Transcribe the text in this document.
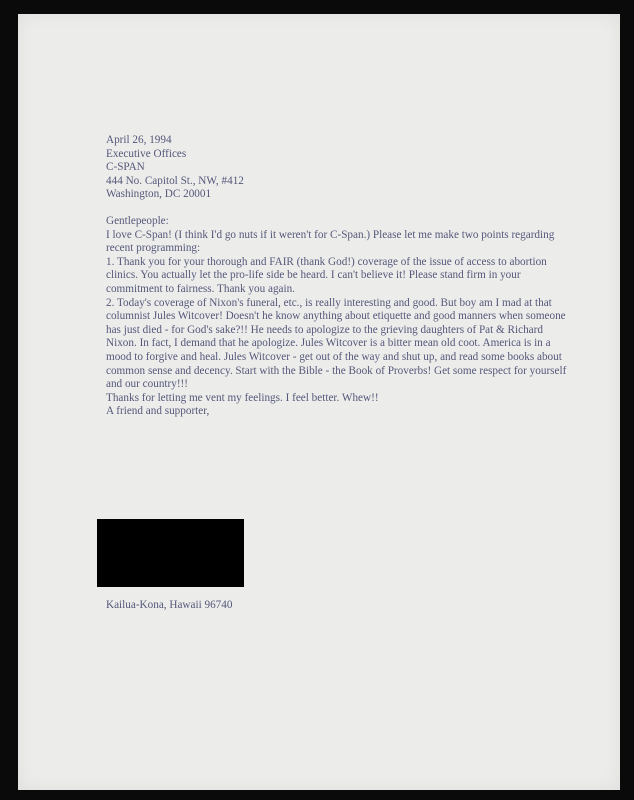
April 26, 1994

Executive Offices
C-SPAN
444 No. Capitol St., NW, #412
Washington, DC 20001

Gentlepeople:

I love C-Span! (I think I'd go nuts if it weren't for C-Span.) Please let me make two points regarding recent programming:

1. Thank you for your thorough and FAIR (thank God!) coverage of the issue of access to abortion clinics. You actually let the pro-life side be heard. I can't believe it! Please stand firm in your commitment to fairness. Thank you again.

2. Today's coverage of Nixon's funeral, etc., is really interesting and good. But boy am I mad at that columnist Jules Witcover! Doesn't he know anything about etiquette and good manners when someone has just died - for God's sake?!! He needs to apologize to the grieving daughters of Pat & Richard Nixon. In fact, I demand that he apologize. Jules Witcover is a bitter mean old coot. America is in a mood to forgive and heal. Jules Witcover - get out of the way and shut up, and read some books about common sense and decency. Start with the Bible - the Book of Proverbs! Get some respect for yourself and our country!!!

Thanks for letting me vent my feelings. I feel better. Whew!!

A friend and supporter,

Kailua-Kona, Hawaii 96740
